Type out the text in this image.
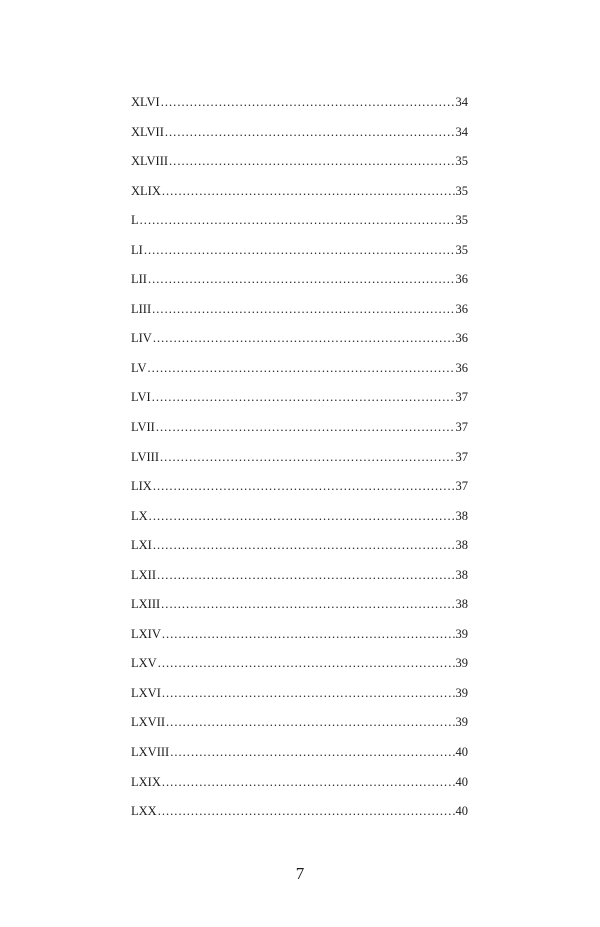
XLVI . . .	34
XLVII . . .	34
XLVIII . . .	35
XLIX . . .	35
L . . .	35
LI . . .	35
LII . . .	36
LIII . . .	36
LIV . . .	36
LV . . .	36
LVI . . .	37
LVII . . .	37
LVIII . . .	37
LIX . . .	37
LX . . .	38
LXI . . .	38
LXII . . .	38
LXIII . . .	38
LXIV . . .	39
LXV . . .	39
LXVI . . .	39
LXVII . . .	39
LXVIII . . .	40
LXIX . . .	40
LXX . . .	40
7
